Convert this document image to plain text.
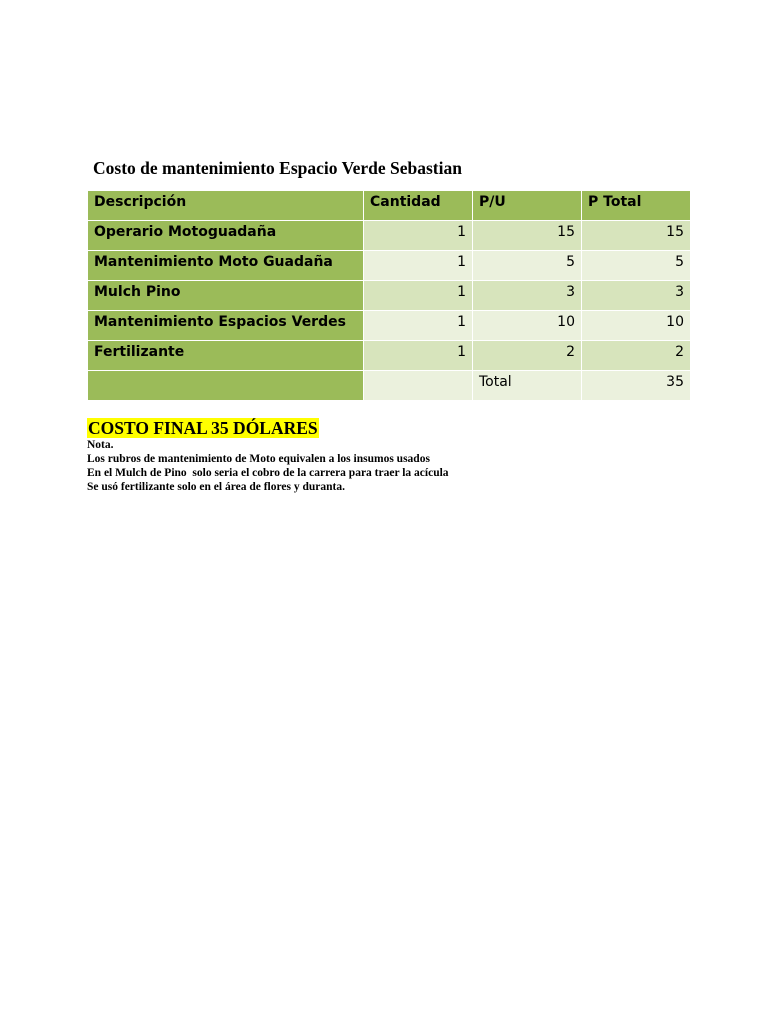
Costo de mantenimiento Espacio Verde Sebastian
Descripción	Cantidad	P/U	P Total
Operario Motoguadaña	1	15	15
Mantenimiento Moto Guadaña	1	5	5
Mulch Pino	1	3	3
Mantenimiento Espacios Verdes	1	10	10
Fertilizante	1	2	2
		Total	35
COSTO FINAL 35 DÓLARES
Nota.
Los rubros de mantenimiento de Moto equivalen a los insumos usados
En el Mulch de Pino  solo seria el cobro de la carrera para traer la acícula
Se usó fertilizante solo en el área de flores y duranta.
